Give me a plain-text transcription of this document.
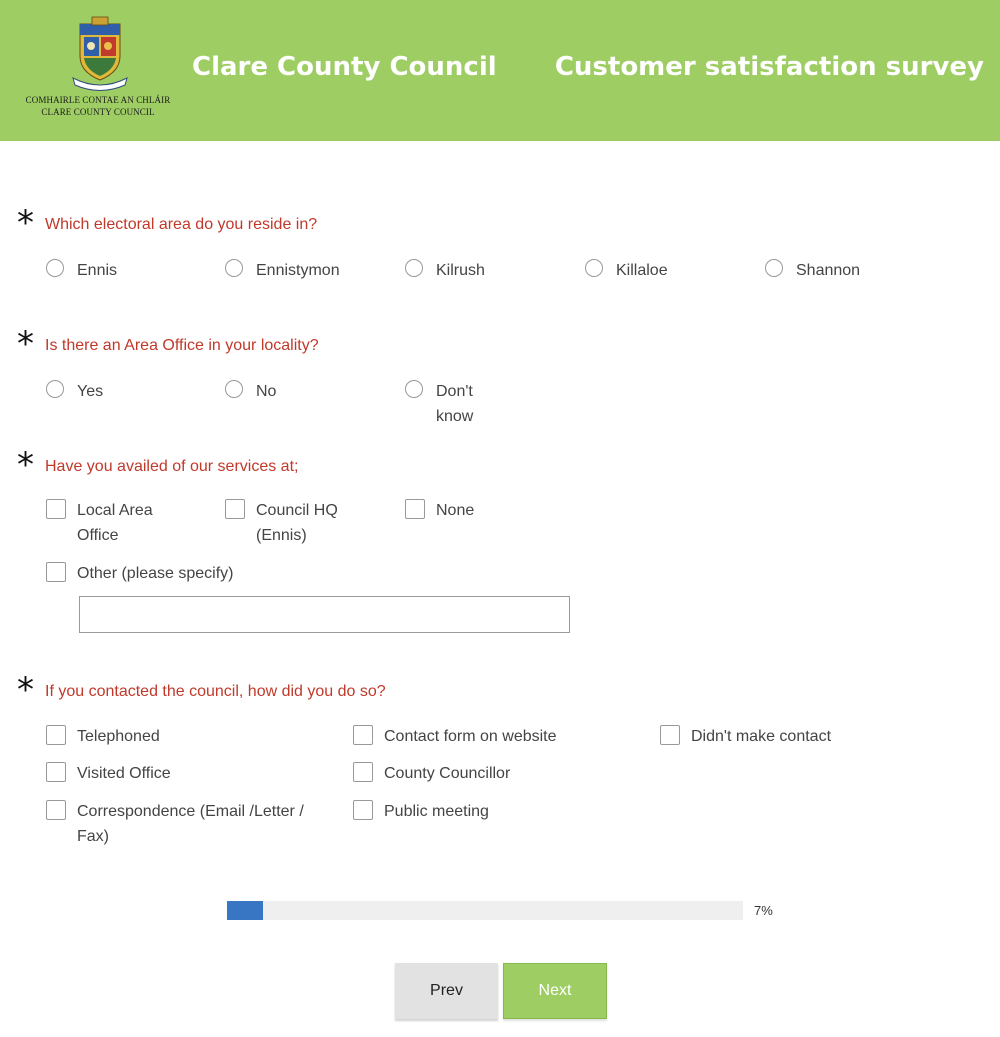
COMHAIRLE CONTAE AN CHLÁIR
CLARE COUNTY COUNCIL
Clare County Council Customer satisfaction survey
* Which electoral area do you reside in?
Ennis	Ennistymon	Kilrush	Killaloe	Shannon
* Is there an Area Office in your locality?
Yes	No	Don't know
* Have you availed of our services at;
Local Area Office
Council HQ (Ennis)
None
Other (please specify)
* If you contacted the council, how did you do so?
Telephoned	Contact form on website	Didn't make contact
Visited Office	County Councillor
Correspondence (Email /Letter / Fax)
Public meeting
7%
Prev	Next
